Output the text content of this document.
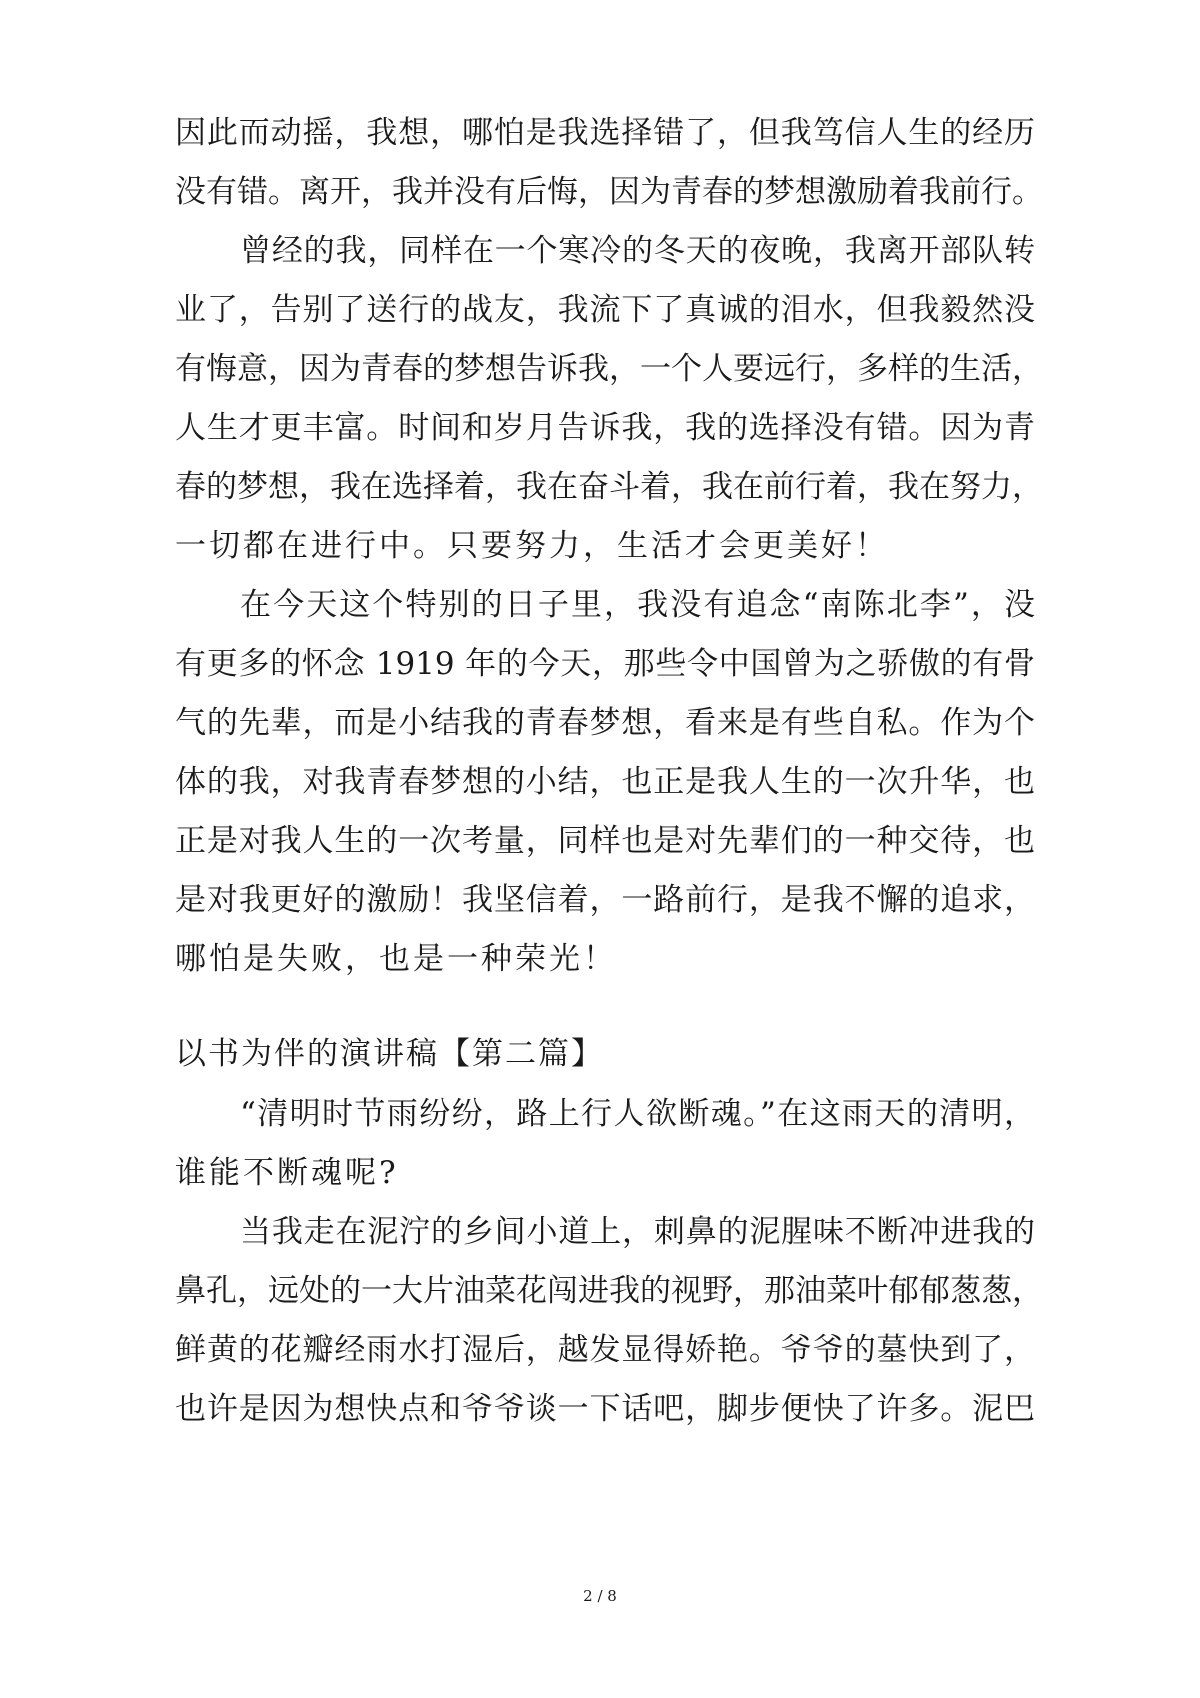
因此而动摇，我想，哪怕是我选择错了，但我笃信人生的经历
没有错。离开，我并没有后悔，因为青春的梦想激励着我前行。
曾经的我，同样在一个寒冷的冬天的夜晚，我离开部队转
业了，告别了送行的战友，我流下了真诚的泪水，但我毅然没
有悔意，因为青春的梦想告诉我，一个人要远行，多样的生活，
人生才更丰富。时间和岁月告诉我，我的选择没有错。因为青
春的梦想，我在选择着，我在奋斗着，我在前行着，我在努力，
一切都在进行中。只要努力，生活才会更美好！
在今天这个特别的日子里，我没有追念“南陈北李”，没
有更多的怀念 1919 年的今天，那些令中国曾为之骄傲的有骨
气的先辈，而是小结我的青春梦想，看来是有些自私。作为个
体的我，对我青春梦想的小结，也正是我人生的一次升华，也
正是对我人生的一次考量，同样也是对先辈们的一种交待，也
是对我更好的激励！我坚信着，一路前行，是我不懈的追求，
哪怕是失败，也是一种荣光！
以书为伴的演讲稿【第二篇】
“清明时节雨纷纷，路上行人欲断魂。”在这雨天的清明，
谁能不断魂呢?
当我走在泥泞的乡间小道上，刺鼻的泥腥味不断冲进我的
鼻孔，远处的一大片油菜花闯进我的视野，那油菜叶郁郁葱葱，
鲜黄的花瓣经雨水打湿后，越发显得娇艳。爷爷的墓快到了，
也许是因为想快点和爷爷谈一下话吧，脚步便快了许多。泥巴
2 / 8
